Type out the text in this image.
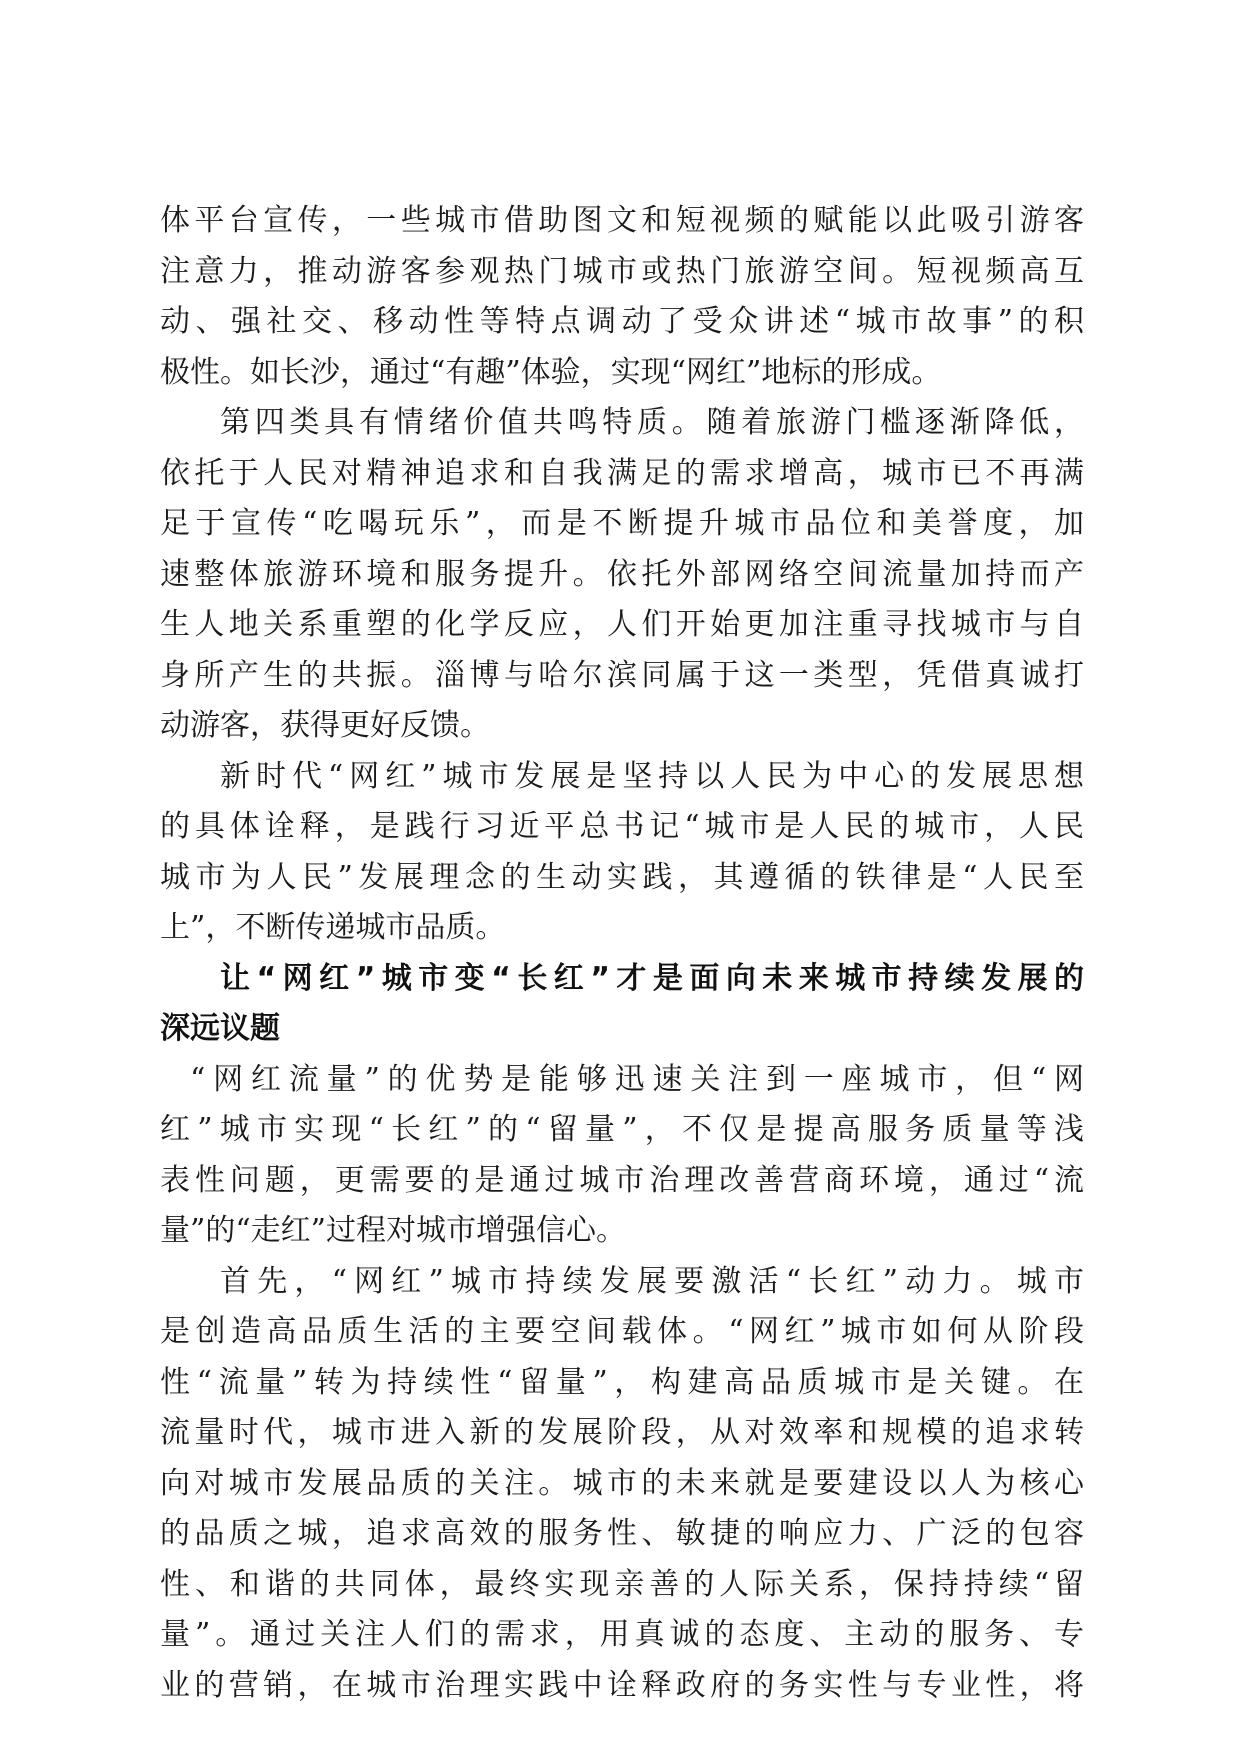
体平台宣传，一些城市借助图文和短视频的赋能以此吸引游客

注意力，推动游客参观热门城市或热门旅游空间。短视频高互

动、强社交、移动性等特点调动了受众讲述“城市故事”的积

极性。如长沙，通过“有趣”体验，实现“网红”地标的形成。

第四类具有情绪价值共鸣特质。随着旅游门槛逐渐降低，

依托于人民对精神追求和自我满足的需求增高，城市已不再满

足于宣传“吃喝玩乐”，而是不断提升城市品位和美誉度，加

速整体旅游环境和服务提升。依托外部网络空间流量加持而产

生人地关系重塑的化学反应，人们开始更加注重寻找城市与自

身所产生的共振。淄博与哈尔滨同属于这一类型，凭借真诚打

动游客，获得更好反馈。

新时代“网红”城市发展是坚持以人民为中心的发展思想

的具体诠释，是践行习近平总书记“城市是人民的城市，人民

城市为人民”发展理念的生动实践，其遵循的铁律是“人民至

上”，不断传递城市品质。

让“网红”城市变“长红”才是面向未来城市持续发展的
深远议题

“网红流量”的优势是能够迅速关注到一座城市，但“网

红”城市实现“长红”的“留量”，不仅是提高服务质量等浅

表性问题，更需要的是通过城市治理改善营商环境，通过“流

量”的“走红”过程对城市增强信心。

首先，“网红”城市持续发展要激活“长红”动力。城市

是创造高品质生活的主要空间载体。“网红”城市如何从阶段

性“流量”转为持续性“留量”，构建高品质城市是关键。在

流量时代，城市进入新的发展阶段，从对效率和规模的追求转

向对城市发展品质的关注。城市的未来就是要建设以人为核心

的品质之城，追求高效的服务性、敏捷的响应力、广泛的包容

性、和谐的共同体，最终实现亲善的人际关系，保持持续“留

量”。通过关注人们的需求，用真诚的态度、主动的服务、专

业的营销，在城市治理实践中诠释政府的务实性与专业性，将
